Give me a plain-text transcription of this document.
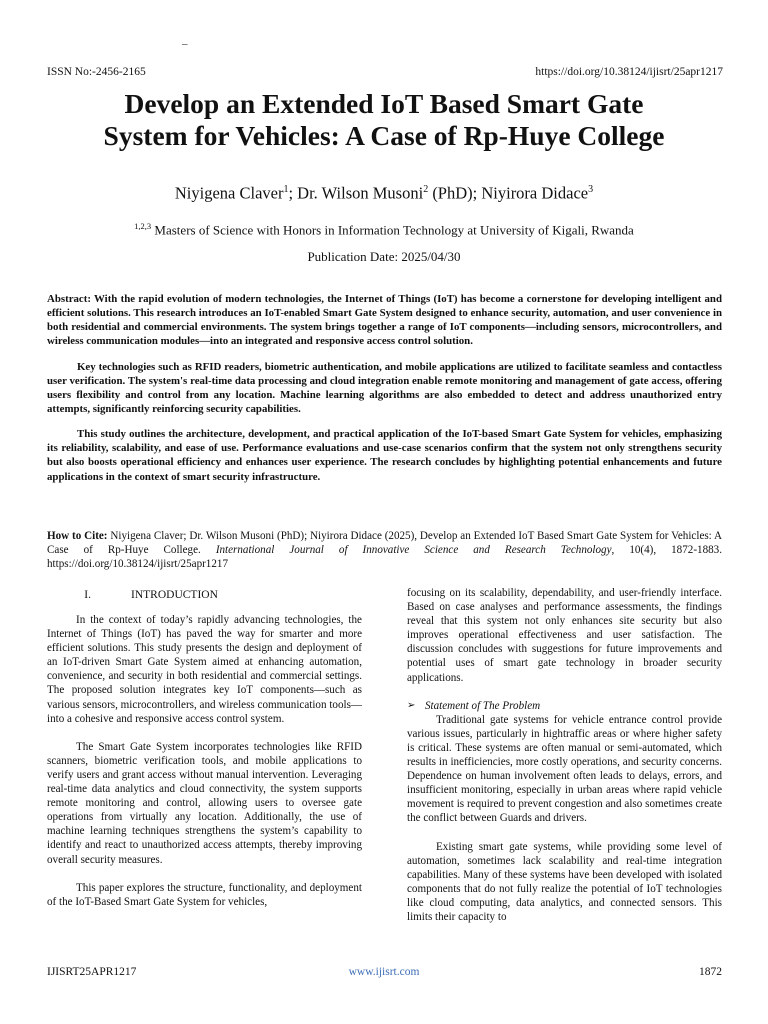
–
ISSN No:-2456-2165	https://doi.org/10.38124/ijisrt/25apr1217
Develop an Extended IoT Based Smart Gate
System for Vehicles: A Case of Rp-Huye College
Niyigena Claver$^1$; Dr. Wilson Musoni$^2$ (PhD); Niyirora Didace$^3$
$^{1,2,3}$ Masters of Science with Honors in Information Technology at University of Kigali, Rwanda
Publication Date: 2025/04/30

Abstract: With the rapid evolution of modern technologies, the Internet of Things (IoT) has become a cornerstone for developing intelligent and efficient solutions. This research introduces an IoT-enabled Smart Gate System designed to enhance security, automation, and user convenience in both residential and commercial environments. The system brings together a range of IoT components—including sensors, microcontrollers, and wireless communication modules—into an integrated and responsive access control solution.

Key technologies such as RFID readers, biometric authentication, and mobile applications are utilized to facilitate seamless and contactless user verification. The system's real-time data processing and cloud integration enable remote monitoring and management of gate access, offering users flexibility and control from any location. Machine learning algorithms are also embedded to detect and address unauthorized entry attempts, significantly reinforcing security capabilities.

This study outlines the architecture, development, and practical application of the IoT-based Smart Gate System for vehicles, emphasizing its reliability, scalability, and ease of use. Performance evaluations and use-case scenarios confirm that the system not only strengthens security but also boosts operational efficiency and enhances user experience. The research concludes by highlighting potential enhancements and future applications in the context of smart security infrastructure.

How to Cite: Niyigena Claver; Dr. Wilson Musoni (PhD); Niyirora Didace (2025), Develop an Extended IoT Based Smart Gate System for Vehicles: A Case of Rp-Huye College. International Journal of Innovative Science and Research Technology, 10(4), 1872-1883. https://doi.org/10.38124/ijisrt/25apr1217
I.	INTRODUCTION

In the context of today’s rapidly advancing technologies, the Internet of Things (IoT) has paved the way for smarter and more efficient solutions. This study presents the design and deployment of an IoT-driven Smart Gate System aimed at enhancing automation, convenience, and security in both residential and commercial settings. The proposed solution integrates key IoT components—such as various sensors, microcontrollers, and wireless communication tools—into a cohesive and responsive access control system.

The Smart Gate System incorporates technologies like RFID scanners, biometric verification tools, and mobile applications to verify users and grant access without manual intervention. Leveraging real-time data analytics and cloud connectivity, the system supports remote monitoring and control, allowing users to oversee gate operations from virtually any location. Additionally, the use of machine learning techniques strengthens the system’s capability to identify and react to unauthorized access attempts, thereby improving overall security measures.

This paper explores the structure, functionality, and deployment of the IoT-Based Smart Gate System for vehicles,

focusing on its scalability, dependability, and user-friendly interface. Based on case analyses and performance assessments, the findings reveal that this system not only enhances site security but also improves operational effectiveness and user satisfaction. The discussion concludes with suggestions for future improvements and potential uses of smart gate technology in broader security applications.

➢ Statement of The Problem

Traditional gate systems for vehicle entrance control provide various issues, particularly in hightraffic areas or where higher safety is critical. These systems are often manual or semi-automated, which results in inefficiencies, more costly operations, and security concerns. Dependence on human involvement often leads to delays, errors, and insufficient monitoring, especially in urban areas where rapid vehicle movement is required to prevent congestion and also sometimes create the conflict between Guards and drivers.

Existing smart gate systems, while providing some level of automation, sometimes lack scalability and real-time integration capabilities. Many of these systems have been developed with isolated components that do not fully realize the potential of IoT technologies like cloud computing, data analytics, and connected sensors. This limits their capacity to

IJISRT25APR1217	www.ijisrt.com	1872
